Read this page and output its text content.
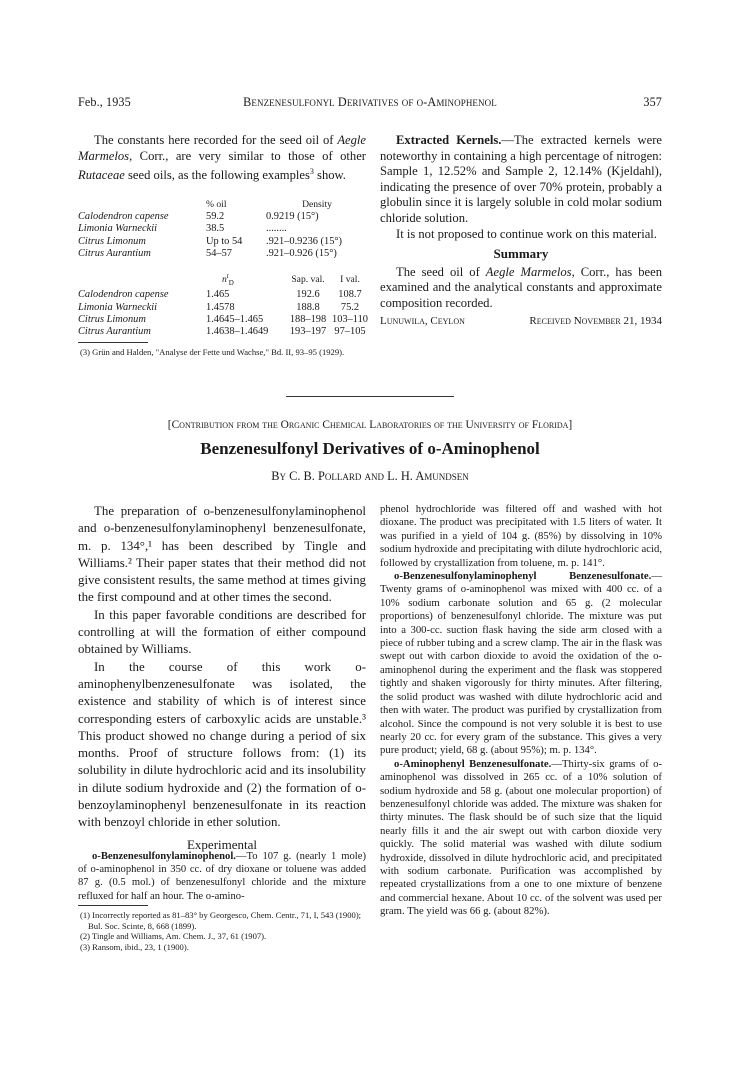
Feb., 1935	Benzenesulfonyl Derivatives of o-Aminophenol	357

The constants here recorded for the seed oil of Aegle Marmelos, Corr., are very similar to those of other Rutaceae seed oils, as the following examples$^3$ show.

	% oil	Density
Calodendron capense	59.2	0.9219 (15°)
Limonia Warneckii	38.5	........
Citrus Limonum	Up to 54	.921–0.9236 (15°)
Citrus Aurantium	54–57	.921–0.926 (15°)
	$n^t_D$	Sap. val.	I val.
Calodendron capense	1.465	192.6	108.7
Limonia Warneckii	1.4578	188.8	75.2
Citrus Limonum	1.4645–1.465	188–198	103–110
Citrus Aurantium	1.4638–1.4649	193–197	97–105

(3) Grün and Halden, "Analyse der Fette und Wachse," Bd. II, 93–95 (1929).

Extracted Kernels.—The extracted kernels were noteworthy in containing a high percentage of nitrogen: Sample 1, 12.52% and Sample 2, 12.14% (Kjeldahl), indicating the presence of over 70% protein, probably a globulin since it is largely soluble in cold molar sodium chloride solution.

It is not proposed to continue work on this material.

Summary

The seed oil of Aegle Marmelos, Corr., has been examined and the analytical constants and approximate composition recorded.

Lunuwila, Ceylon	Received November 21, 1934
[Contribution from the Organic Chemical Laboratories of the University of Florida]
Benzenesulfonyl Derivatives of o-Aminophenol
By C. B. Pollard and L. H. Amundsen

The preparation of o-benzenesulfonylaminophenol and o-benzenesulfonylaminophenyl benzenesulfonate, m. p. 134°,¹ has been described by Tingle and Williams.² Their paper states that their method did not give consistent results, the same method at times giving the first compound and at other times the second.

In this paper favorable conditions are described for controlling at will the formation of either compound obtained by Williams.

In the course of this work o-aminophenylbenzenesulfonate was isolated, the existence and stability of which is of interest since corresponding esters of carboxylic acids are unstable.³ This product showed no change during a period of six months. Proof of structure follows from: (1) its solubility in dilute hydrochloric acid and its insolubility in dilute sodium hydroxide and (2) the formation of o-benzoylaminophenyl benzenesulfonate in its reaction with benzoyl chloride in ether solution.

Experimental

o-Benzenesulfonylaminophenol.—To 107 g. (nearly 1 mole) of o-aminophenol in 350 cc. of dry dioxane or toluene was added 87 g. (0.5 mol.) of benzenesulfonyl chloride and the mixture refluxed for half an hour. The o-amino-

(1) Incorrectly reported as 81–83° by Georgesco, Chem. Centr., 71, I, 543 (1900); Bul. Soc. Scinte, 8, 668 (1899).

(2) Tingle and Williams, Am. Chem. J., 37, 61 (1907).

(3) Ransom, ibid., 23, 1 (1900).

phenol hydrochloride was filtered off and washed with hot dioxane. The product was precipitated with 1.5 liters of water. It was purified in a yield of 104 g. (85%) by dissolving in 10% sodium hydroxide and precipitating with dilute hydrochloric acid, followed by crystallization from toluene, m. p. 141°.

o-Benzenesulfonylaminophenyl Benzenesulfonate.—Twenty grams of o-aminophenol was mixed with 400 cc. of a 10% sodium carbonate solution and 65 g. (2 molecular proportions) of benzenesulfonyl chloride. The mixture was put into a 300-cc. suction flask having the side arm closed with a piece of rubber tubing and a screw clamp. The air in the flask was swept out with carbon dioxide to avoid the oxidation of the o-aminophenol during the experiment and the flask was stoppered tightly and shaken vigorously for thirty minutes. After filtering, the solid product was washed with dilute hydrochloric acid and then with water. The product was purified by crystallization from alcohol. Since the compound is not very soluble it is best to use nearly 20 cc. for every gram of the substance. This gives a very pure product; yield, 68 g. (about 95%); m. p. 134°.

o-Aminophenyl Benzenesulfonate.—Thirty-six grams of o-aminophenol was dissolved in 265 cc. of a 10% solution of sodium hydroxide and 58 g. (about one molecular proportion) of benzenesulfonyl chloride was added. The mixture was shaken for thirty minutes. The flask should be of such size that the liquid nearly fills it and the air swept out with carbon dioxide very quickly. The solid material was washed with dilute sodium hydroxide, dissolved in dilute hydrochloric acid, and precipitated with sodium carbonate. Purification was accomplished by repeated crystallizations from a one to one mixture of benzene and commercial hexane. About 10 cc. of the solvent was used per gram. The yield was 66 g. (about 82%).
